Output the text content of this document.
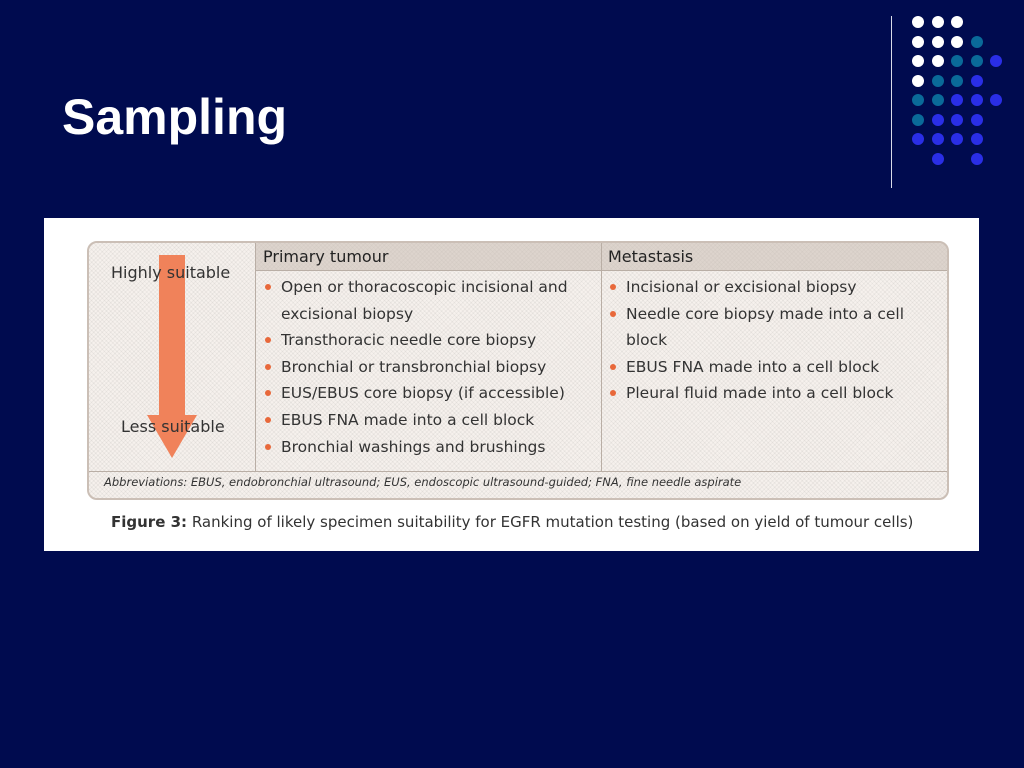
Sampling
Primary tumour	Metastasis
Highly suitable
Less suitable
Open or thoracoscopic incisional and excisional biopsy
Transthoracic needle core biopsy
Bronchial or transbronchial biopsy
EUS/EBUS core biopsy (if accessible)
EBUS FNA made into a cell block
Bronchial washings and brushings
Incisional or excisional biopsy
Needle core biopsy made into a cell block
EBUS FNA made into a cell block
Pleural fluid made into a cell block
Abbreviations: EBUS, endobronchial ultrasound; EUS, endoscopic ultrasound-guided; FNA, fine needle aspirate
Figure 3: Ranking of likely specimen suitability for EGFR mutation testing (based on yield of tumour cells)
